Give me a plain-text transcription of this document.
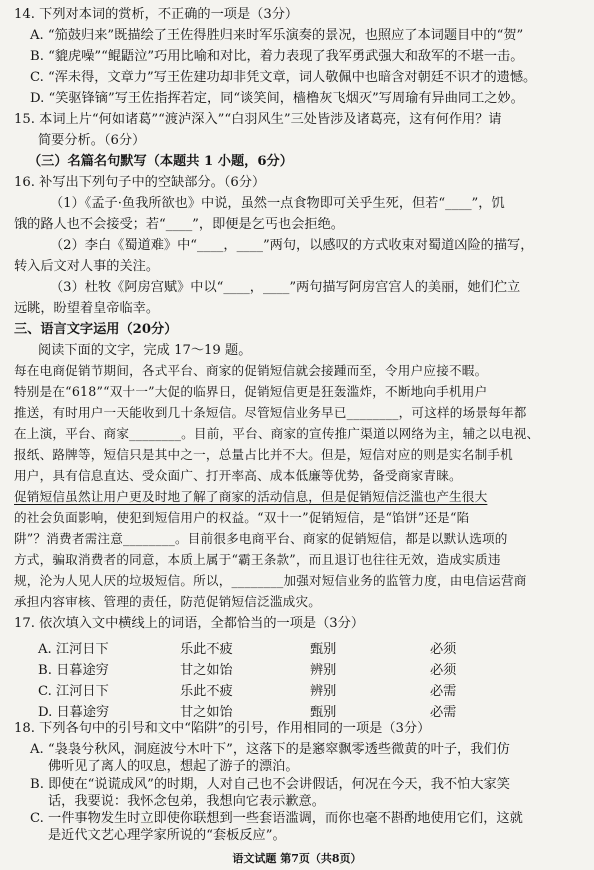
14. 下列对本词的赏析，不正确的一项是（3分）
A. “笳鼓归来”既描绘了王佐得胜归来时军乐演奏的景况，也照应了本词题目中的“贺”
B. “貔虎噪”“鲲鼯泣”巧用比喻和对比，着力表现了我军勇武强大和敌军的不堪一击。
C. “浑未得，文章力”写王佐建功却非凭文章，词人敬佩中也暗含对朝廷不识才的遗憾。
D. “笑驱锋镝”写王佐指挥若定，同“谈笑间，樯橹灰飞烟灭”写周瑜有异曲同工之妙。
15. 本词上片“何如诸葛”“渡泸深入”“白羽风生”三处皆涉及诸葛亮，这有何作用？请
简要分析。（6分）
（三）名篇名句默写（本题共 1 小题，6分）
16. 补写出下列句子中的空缺部分。（6分）
（1）《孟子·鱼我所欲也》中说，虽然一点食物即可关乎生死，但若“____”，饥
饿的路人也不会接受；若“____”，即便是乞丐也会拒绝。
（2）李白《蜀道难》中“____，____”两句，以感叹的方式收束对蜀道凶险的描写，
转入后文对人事的关注。
（3）杜牧《阿房宫赋》中以“____，____”两句描写阿房宫宫人的美丽，她们伫立
远眺，盼望着皇帝临幸。
三、语言文字运用（20分）
阅读下面的文字，完成 17～19 题。
每在电商促销节期间，各式平台、商家的促销短信就会接踵而至，令用户应接不暇。
特别是在“618”“双十一”大促的临界日，促销短信更是狂轰滥炸，不断地向手机用户
推送，有时用户一天能收到几十条短信。尽管短信业务早已________，可这样的场景每年都
在上演，平台、商家________。目前，平台、商家的宣传推广渠道以网络为主，辅之以电视、
报纸、路牌等，短信只是其中之一，总量占比并不大。但是，短信对应的则是实名制手机
用户，具有信息直达、受众面广、打开率高、成本低廉等优势，备受商家青睐。
促销短信虽然让用户更及时地了解了商家的活动信息，但是促销短信泛滥也产生很大
的社会负面影响，使犯到短信用户的权益。“双十一”促销短信，是“馅饼”还是“陷
阱”？消费者需注意________。目前很多电商平台、商家的促销短信，都是以默认选项的
方式，骗取消费者的同意，本质上属于“霸王条款”，而且退订也往往无效，造成实质违
规，沦为人见人厌的垃圾短信。所以，________加强对短信业务的监管力度，由电信运营商
承担内容审核、管理的责任，防范促销短信泛滥成灾。
17. 依次填入文中横线上的词语，全都恰当的一项是（3分）
A. 江河日下	乐此不疲	甄别	必须
B. 日暮途穷	甘之如饴	辨别	必须
C. 江河日下	乐此不疲	辨别	必需
D. 日暮途穷	甘之如饴	甄别	必需
18. 下列各句中的引号和文中“陷阱”的引号，作用相同的一项是（3分）
A. “袅袅兮秋风，洞庭波兮木叶下”，这落下的是窸窣飘零透些微黄的叶子，我们仿
佛听见了离人的叹息，想起了游子的漂泊。
B. 即使在“说谎成风”的时期，人对自己也不会讲假话，何况在今天，我不怕大家笑
话，我要说：我怀念包弟，我想向它表示歉意。
C. 一件事物发生时立即使你联想到一些套语滥调，而你也毫不斟酌地使用它们，这就
是近代文艺心理学家所说的“套板反应”。
语文试题 第7页（共8页）
